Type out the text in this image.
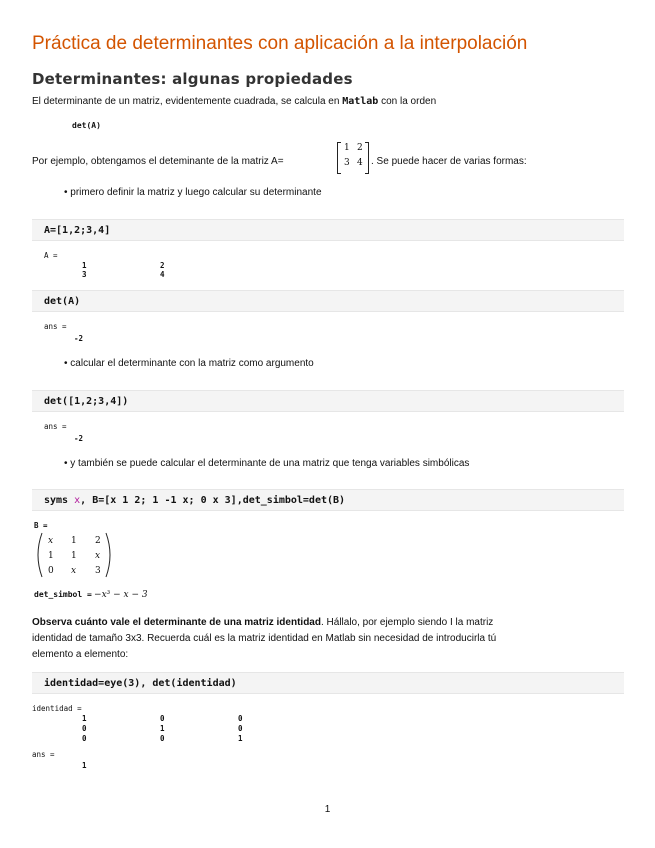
Práctica de determinantes con aplicación a la interpolación
Determinantes: algunas propiedades
El determinante de un matriz, evidentemente cuadrada, se calcula en Matlab con la orden
det(A)
Por ejemplo, obtengamos el deteminante de la matriz A=
1 2
3 4 . Se puede hacer de varias formas:
• primero definir la matriz y luego calcular su determinante
A=[1,2;3,4]
A =
1	2
3	4
det(A)
ans =
-2
• calcular el determinante con la matriz como argumento
det([1,2;3,4])
ans =
-2
• y también se puede calcular el determinante de una matriz que tenga variables simbólicas
syms x, B=[x 1 2; 1 -1 x; 0 x 3],det_simbol=det(B)
B =
x 1 2
1 1 x
0 x 3
det_simbol = −x³ − x − 3
Observa cuánto vale el determinante de una matriz identidad. Hállalo, por ejemplo siendo I la matriz
identidad de tamaño 3x3. Recuerda cuál es la matriz identidad en Matlab sin necesidad de introducirla tú
elemento a elemento:
identidad=eye(3), det(identidad)
identidad =
1	0	0
0	1	0
0	0	1
ans =
1
1
